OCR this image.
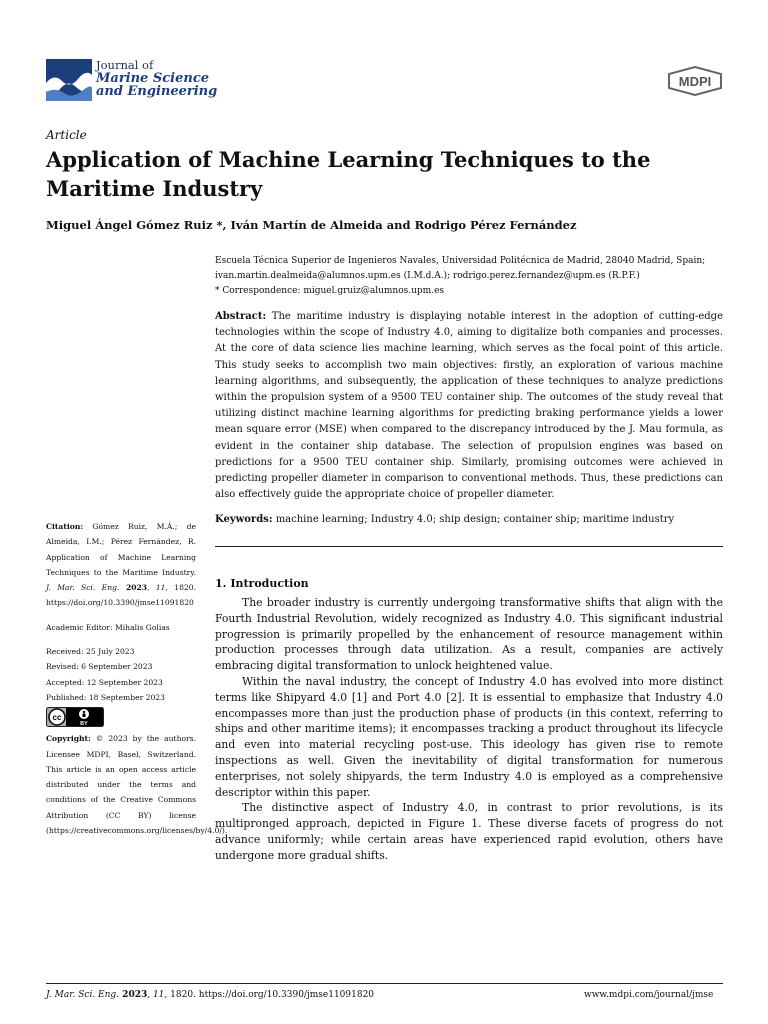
Journal of
Marine Science
and Engineering
MDPI
Article
Application of Machine Learning Techniques to the
Maritime Industry
Miguel Ángel Gómez Ruiz *, Iván Martín de Almeida and Rodrigo Pérez Fernández

Escuela Técnica Superior de Ingenieros Navales, Universidad Politécnica de Madrid, 28040 Madrid, Spain;

ivan.martin.dealmeida@alumnos.upm.es (I.M.d.A.); rodrigo.perez.fernandez@upm.es (R.P.F.)

* Correspondence: miguel.gruiz@alumnos.upm.es

Abstract: The maritime industry is displaying notable interest in the adoption of cutting-edge technologies within the scope of Industry 4.0, aiming to digitalize both companies and processes. At the core of data science lies machine learning, which serves as the focal point of this article. This study seeks to accomplish two main objectives: firstly, an exploration of various machine learning algorithms, and subsequently, the application of these techniques to analyze predictions within the propulsion system of a 9500 TEU container ship. The outcomes of the study reveal that utilizing distinct machine learning algorithms for predicting braking performance yields a lower mean square error (MSE) when compared to the discrepancy introduced by the J. Mau formula, as evident in the container ship database. The selection of propulsion engines was based on predictions for a 9500 TEU container ship. Similarly, promising outcomes were achieved in predicting propeller diameter in comparison to conventional methods. Thus, these predictions can also effectively guide the appropriate choice of propeller diameter.

Keywords: machine learning; Industry 4.0; ship design; container ship; maritime industry

Citation: Gómez Ruiz, M.Á.; de Almeida, I.M.; Pérez Fernández, R. Application of Machine Learning Techniques to the Maritime Industry. J. Mar. Sci. Eng. 2023, 11, 1820. https://doi.org/10.3390/jmse11091820

Academic Editor: Mihalis Golias

Received: 25 July 2023

Revised: 6 September 2023

Accepted: 12 September 2023

Published: 18 September 2023

cc
BY

Copyright: © 2023 by the authors. Licensee MDPI, Basel, Switzerland. This article is an open access article distributed under the terms and conditions of the Creative Commons Attribution (CC BY) license (https://creativecommons.org/licenses/by/4.0/).

1. Introduction

The broader industry is currently undergoing transformative shifts that align with the Fourth Industrial Revolution, widely recognized as Industry 4.0. This significant industrial progression is primarily propelled by the enhancement of resource management within production processes through data utilization. As a result, companies are actively embracing digital transformation to unlock heightened value.

Within the naval industry, the concept of Industry 4.0 has evolved into more distinct terms like Shipyard 4.0 [1] and Port 4.0 [2]. It is essential to emphasize that Industry 4.0 encompasses more than just the production phase of products (in this context, referring to ships and other maritime items); it encompasses tracking a product throughout its lifecycle and even into material recycling post-use. This ideology has given rise to remote inspections as well. Given the inevitability of digital transformation for numerous enterprises, not solely shipyards, the term Industry 4.0 is employed as a comprehensive descriptor within this paper.

The distinctive aspect of Industry 4.0, in contrast to prior revolutions, is its multipronged approach, depicted in Figure 1. These diverse facets of progress do not advance uniformly; while certain areas have experienced rapid evolution, others have undergone more gradual shifts.

J. Mar. Sci. Eng. 2023, 11, 1820. https://doi.org/10.3390/jmse11091820	www.mdpi.com/journal/jmse
